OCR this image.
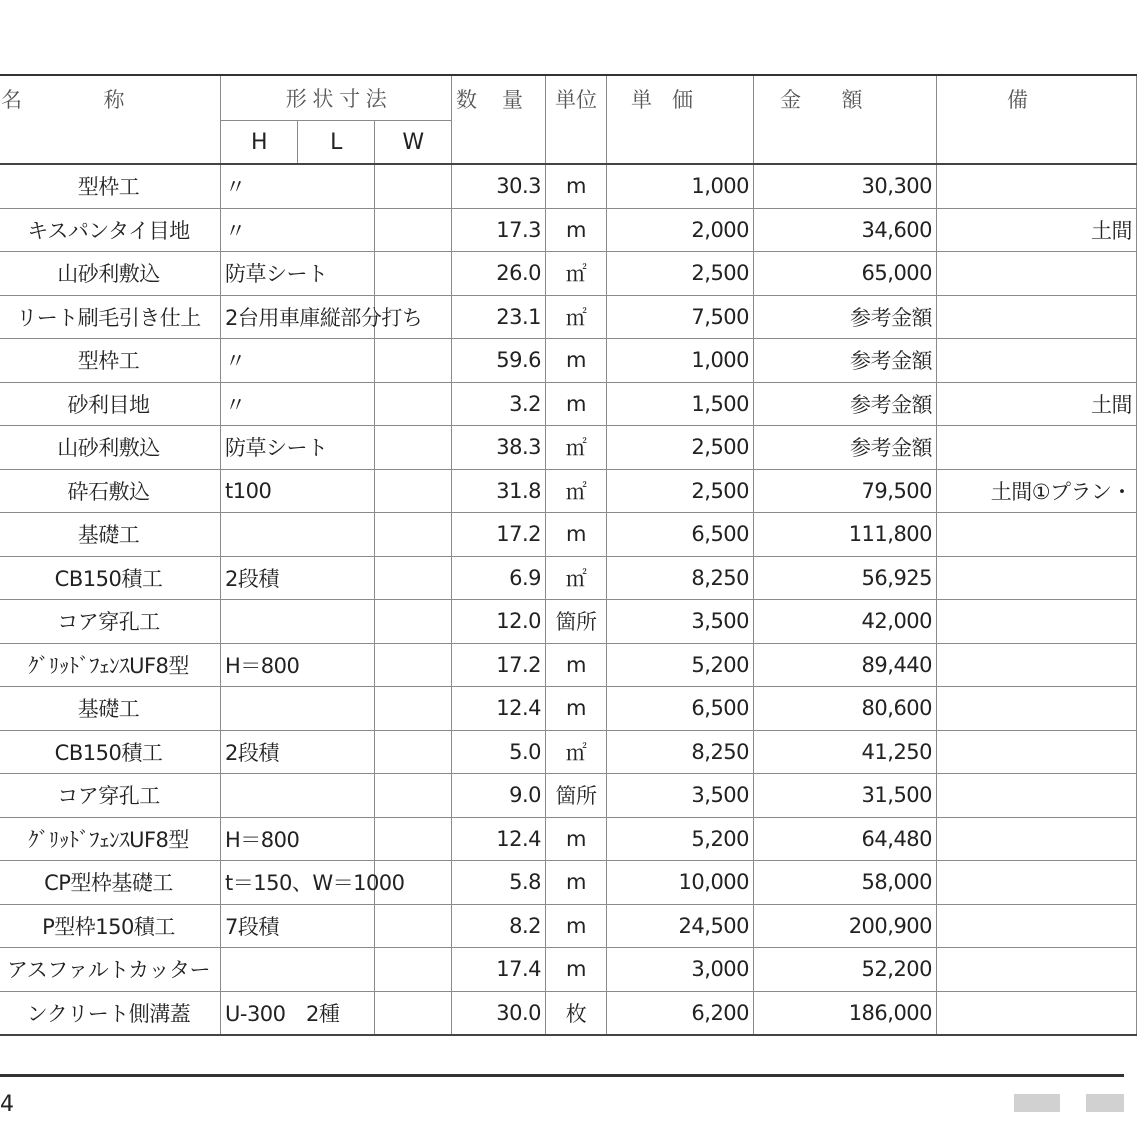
名　　　　称	形 状 寸 法			数　量	単位	単　価	金　　額	備
	H	L	W					
型枠工	〃			30.3	m	1,000	30,300	
キスパンタイ目地	〃			17.3	m	2,000	34,600	土間
山砂利敷込	防草シート			26.0	㎡	2,500	65,000	
リート刷毛引き仕上	2台用車庫縦部分打ち			23.1	㎡	7,500	参考金額	
型枠工	〃			59.6	m	1,000	参考金額	
砂利目地	〃			3.2	m	1,500	参考金額	土間
山砂利敷込	防草シート			38.3	㎡	2,500	参考金額	
砕石敷込	t100			31.8	㎡	2,500	79,500	土間①プラン・
基礎工				17.2	m	6,500	111,800	
CB150積工	2段積			6.9	㎡	8,250	56,925	
コア穿孔工				12.0	箇所	3,500	42,000	
ｸﾞﾘｯﾄﾞﾌｪﾝｽUF8型	H＝800			17.2	m	5,200	89,440	
基礎工				12.4	m	6,500	80,600	
CB150積工	2段積			5.0	㎡	8,250	41,250	
コア穿孔工				9.0	箇所	3,500	31,500	
ｸﾞﾘｯﾄﾞﾌｪﾝｽUF8型	H＝800			12.4	m	5,200	64,480	
CP型枠基礎工	t＝150、W＝1000			5.8	m	10,000	58,000	
P型枠150積工	7段積			8.2	m	24,500	200,900	
アスファルトカッター				17.4	m	3,000	52,200	
ンクリート側溝蓋	U-300　2種			30.0	枚	6,200	186,000	
4
